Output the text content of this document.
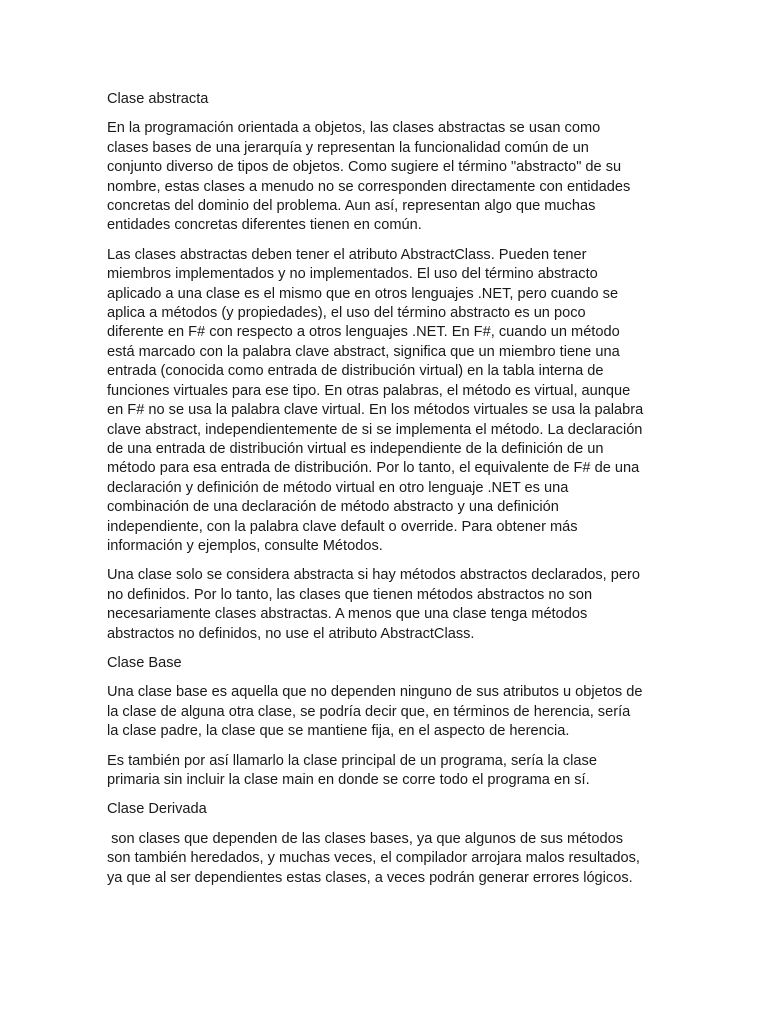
Clase abstracta

En la programación orientada a objetos, las clases abstractas se usan como
clases bases de una jerarquía y representan la funcionalidad común de un
conjunto diverso de tipos de objetos. Como sugiere el término "abstracto" de su
nombre, estas clases a menudo no se corresponden directamente con entidades
concretas del dominio del problema. Aun así, representan algo que muchas
entidades concretas diferentes tienen en común.

Las clases abstractas deben tener el atributo AbstractClass. Pueden tener
miembros implementados y no implementados. El uso del término abstracto
aplicado a una clase es el mismo que en otros lenguajes .NET, pero cuando se
aplica a métodos (y propiedades), el uso del término abstracto es un poco
diferente en F# con respecto a otros lenguajes .NET. En F#, cuando un método
está marcado con la palabra clave abstract, significa que un miembro tiene una
entrada (conocida como entrada de distribución virtual) en la tabla interna de
funciones virtuales para ese tipo. En otras palabras, el método es virtual, aunque
en F# no se usa la palabra clave virtual. En los métodos virtuales se usa la palabra
clave abstract, independientemente de si se implementa el método. La declaración
de una entrada de distribución virtual es independiente de la definición de un
método para esa entrada de distribución. Por lo tanto, el equivalente de F# de una
declaración y definición de método virtual en otro lenguaje .NET es una
combinación de una declaración de método abstracto y una definición
independiente, con la palabra clave default o override. Para obtener más
información y ejemplos, consulte Métodos.

Una clase solo se considera abstracta si hay métodos abstractos declarados, pero
no definidos. Por lo tanto, las clases que tienen métodos abstractos no son
necesariamente clases abstractas. A menos que una clase tenga métodos
abstractos no definidos, no use el atributo AbstractClass.

Clase Base

Una clase base es aquella que no dependen ninguno de sus atributos u objetos de
la clase de alguna otra clase, se podría decir que, en términos de herencia, sería
la clase padre, la clase que se mantiene fija, en el aspecto de herencia.

Es también por así llamarlo la clase principal de un programa, sería la clase
primaria sin incluir la clase main en donde se corre todo el programa en sí.

Clase Derivada

son clases que dependen de las clases bases, ya que algunos de sus métodos
son también heredados, y muchas veces, el compilador arrojara malos resultados,
ya que al ser dependientes estas clases, a veces podrán generar errores lógicos.
